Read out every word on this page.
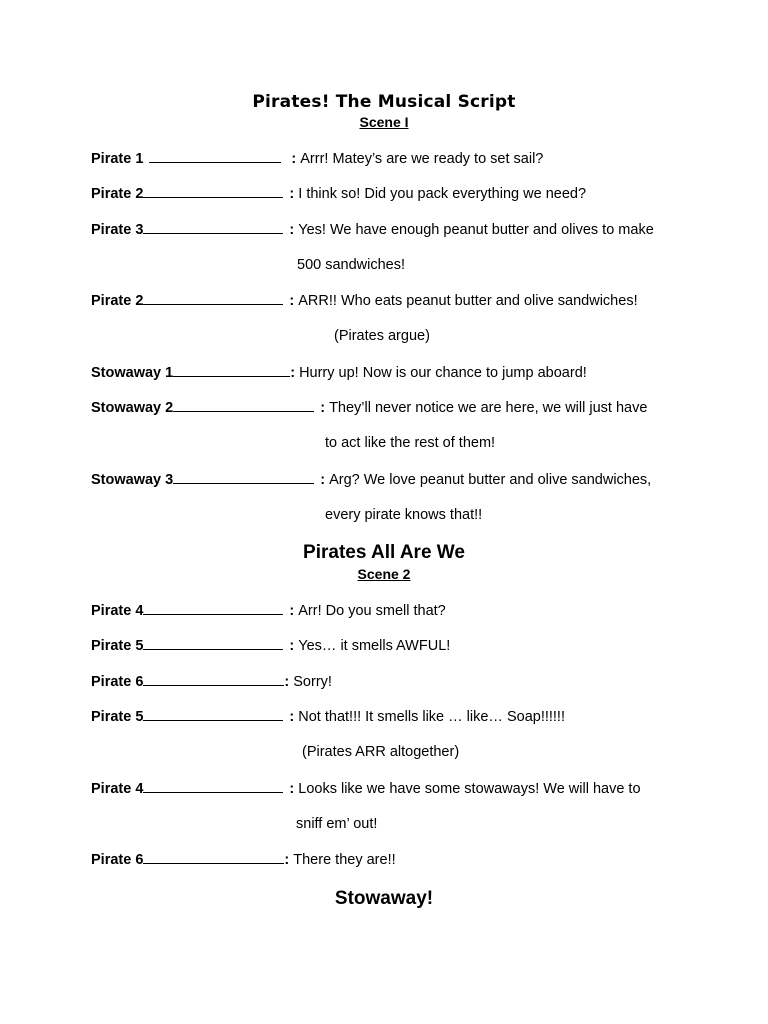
Pirates! The Musical Script
Scene I
Pirate 1	: Arrr! Matey’s are we ready to set sail?
Pirate 2	: I think so! Did you pack everything we need?
Pirate 3	: Yes! We have enough peanut butter and olives to make
500 sandwiches!
Pirate 2	: ARR!! Who eats peanut butter and olive sandwiches!
(Pirates argue)
Stowaway 1	: Hurry up! Now is our chance to jump aboard!
Stowaway 2	: They’ll never notice we are here, we will just have
to act like the rest of them!
Stowaway 3	: Arg? We love peanut butter and olive sandwiches,
every pirate knows that!!
Pirates All Are We
Scene 2
Pirate 4	: Arr! Do you smell that?
Pirate 5	: Yes… it smells AWFUL!
Pirate 6	: Sorry!
Pirate 5	: Not that!!! It smells like … like… Soap!!!!!!
(Pirates ARR altogether)
Pirate 4	: Looks like we have some stowaways! We will have to
sniff em’ out!
Pirate 6	: There they are!!
Stowaway!
